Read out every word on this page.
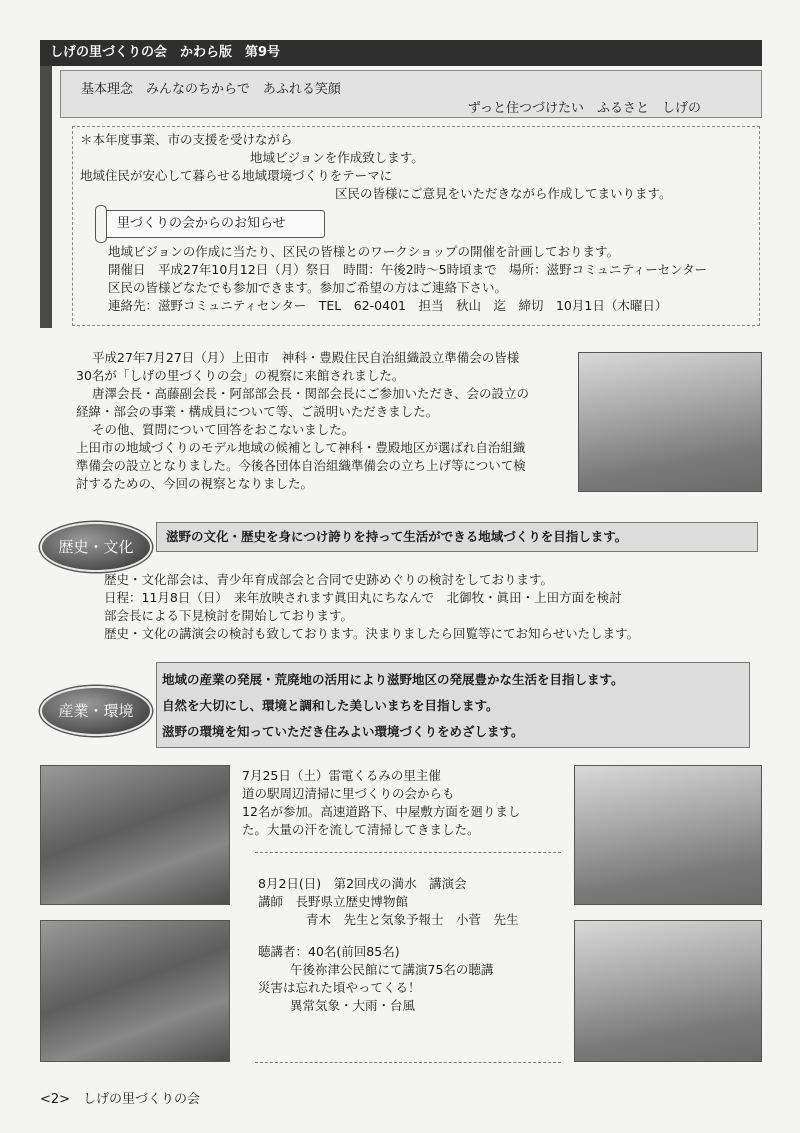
しげの里づくりの会　かわら版　第9号
基本理念　みんなのちからで　あふれる笑顔
ずっと住つづけたい　ふるさと　しげの
＊本年度事業、市の支援を受けながら
地域ビジョンを作成致します。
地域住民が安心して暮らせる地域環境づくりをテーマに
区民の皆様にご意見をいただきながら作成してまいります。
里づくりの会からのお知らせ
地域ビジョンの作成に当たり、区民の皆様とのワークショップの開催を計画しております。
開催日　平成27年10月12日（月）祭日　時間：午後2時～5時頃まで　場所：滋野コミュニティーセンター
区民の皆様どなたでも参加できます。参加ご希望の方はご連絡下さい。
連絡先：滋野コミュニティセンター　TEL　62-0401　担当　秋山　迄　締切　10月1日（木曜日）
平成27年7月27日（月）上田市　神科・豊殿住民自治組織設立準備会の皆様
30名が「しげの里づくりの会」の視察に来館されました。
唐澤会長・高藤副会長・阿部部会長・関部会長にご参加いただき、会の設立の
経緯・部会の事業・構成員について等、ご説明いただきました。
その他、質問について回答をおこないました。
上田市の地域づくりのモデル地域の候補として神科・豊殿地区が選ばれ自治組織
準備会の設立となりました。今後各団体自治組織準備会の立ち上げ等について検
討するための、今回の視察となりました。
歴史・文化
滋野の文化・歴史を身につけ誇りを持って生活ができる地域づくりを目指します。
歴史・文化部会は、青少年育成部会と合同で史跡めぐりの検討をしております。
日程：11月8日（日）　来年放映されます眞田丸にちなんで　北御牧・眞田・上田方面を検討
部会長による下見検討を開始しております。
歴史・文化の講演会の検討も致しております。決まりましたら回覧等にてお知らせいたします。
産業・環境
地域の産業の発展・荒廃地の活用により滋野地区の発展豊かな生活を目指します。
自然を大切にし、環境と調和した美しいまちを目指します。
滋野の環境を知っていただき住みよい環境づくりをめざします。
7月25日（土）雷電くるみの里主催
道の駅周辺清掃に里づくりの会からも
12名が参加。高速道路下、中屋敷方面を廻りまし
た。大量の汗を流して清掃してきました。
8月2日(日)　第2回戌の満水　講演会
講師　長野県立歴史博物館
青木　先生と気象予報士　小菅　先生
聴講者：40名(前回85名)
午後祢津公民館にて講演75名の聴講
災害は忘れた頃やってくる！
異常気象・大雨・台風
<2>　しげの里づくりの会
